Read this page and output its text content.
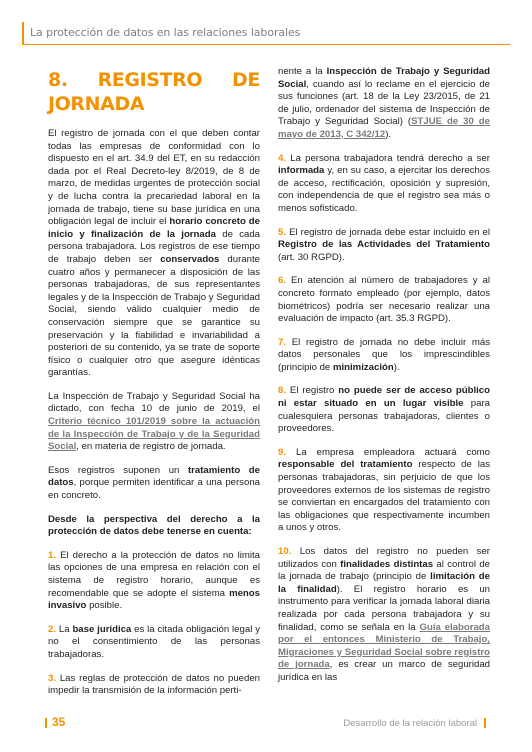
La protección de datos en las relaciones laborales
8. REGISTRO DE JORNADA

El registro de jornada con el que deben contar todas las empresas de conformidad con lo dispuesto en el art. 34.9 del ET, en su redacción dada por el Real Decreto-ley 8/2019, de 8 de marzo, de medidas urgentes de protección social y de lucha contra la precariedad laboral en la jornada de trabajo, tiene su base jurídica en una obligación legal de incluir el horario concreto de inicio y finalización de la jornada de cada persona trabajadora. Los registros de ese tiempo de trabajo deben ser conservados durante cuatro años y permanecer a disposición de las personas trabajadoras, de sus representantes legales y de la Inspección de Trabajo y Seguridad Social, siendo válido cualquier medio de conservación siempre que se garantice su preservación y la fiabilidad e invariabilidad a posteriori de su contenido, ya se trate de soporte físico o cualquier otro que asegure idénticas garantías.

La Inspección de Trabajo y Seguridad Social ha dictado, con fecha 10 de junio de 2019, el Criterio técnico 101/2019 sobre la actuación de la Inspección de Trabajo y de la Seguridad Social, en materia de registro de jornada.

Esos registros suponen un tratamiento de datos, porque permiten identificar a una persona en concreto.

Desde la perspectiva del derecho a la protección de datos debe tenerse en cuenta:

1. El derecho a la protección de datos no limita las opciones de una empresa en relación con el sistema de registro horario, aunque es recomendable que se adopte el sistema menos invasivo posible.

2. La base jurídica es la citada obligación legal y no el consentimiento de las personas trabajadoras.

3. Las reglas de protección de datos no pueden impedir la transmisión de la información perti-

nente a la Inspección de Trabajo y Seguridad Social, cuando así lo reclame en el ejercicio de sus funciones (art. 18 de la Ley 23/2015, de 21 de julio, ordenador del sistema de Inspección de Trabajo y Seguridad Social) (STJUE de 30 de mayo de 2013, C 342/12).

4. La persona trabajadora tendrá derecho a ser informada y, en su caso, a ejercitar los derechos de acceso, rectificación, oposición y supresión, con independencia de que el registro sea más o menos sofisticado.

5. El registro de jornada debe estar incluido en el Registro de las Actividades del Tratamiento (art. 30 RGPD).

6. En atención al número de trabajadores y al concreto formato empleado (por ejemplo, datos biométricos) podría ser necesario realizar una evaluación de impacto (art. 35.3 RGPD).

7. El registro de jornada no debe incluir más datos personales que los imprescindibles (principio de minimización).

8. El registro no puede ser de acceso público ni estar situado en un lugar visible para cualesquiera personas trabajadoras, clientes o proveedores.

9. La empresa empleadora actuará como responsable del tratamiento respecto de las personas trabajadoras, sin perjuicio de que los proveedores externos de los sistemas de registro se conviertan en encargados del tratamiento con las obligaciones que respectivamente incumben a unos y otros.

10. Los datos del registro no pueden ser utilizados con finalidades distintas al control de la jornada de trabajo (principio de limitación de la finalidad). El registro horario es un instrumento para verificar la jornada laboral diaria realizada por cada persona trabajadora y su finalidad, como se señala en la Guía elaborada por el entonces Ministerio de Trabajo, Migraciones y Seguridad Social sobre registro de jornada, es crear un marco de seguridad jurídica en las

35	Desarrollo de la relación laboral
